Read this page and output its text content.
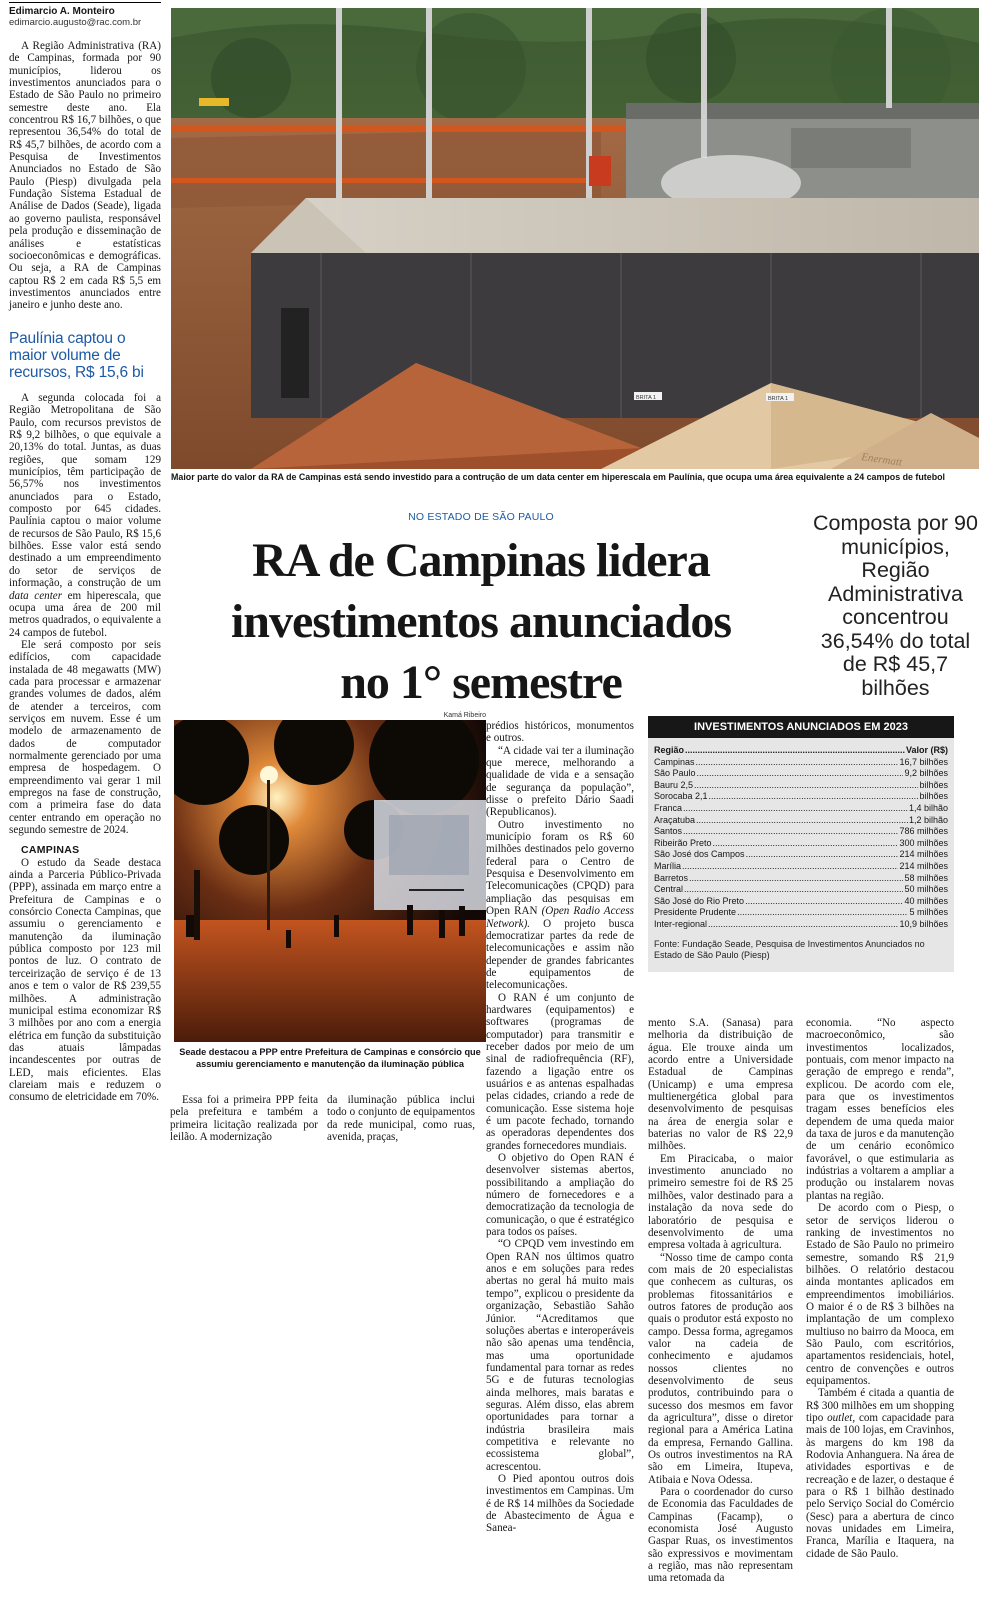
Edimarcio A. Monteiro
edimarcio.augusto@rac.com.br

A Região Administrativa (RA) de Campinas, formada por 90 municípios, liderou os investimentos anunciados para o Estado de São Paulo no primeiro semestre deste ano. Ela concentrou R$ 16,7 bilhões, o que representou 36,54% do total de R$ 45,7 bilhões, de acordo com a Pesquisa de Investimentos Anunciados no Estado de São Paulo (Piesp) divulgada pela Fundação Sistema Estadual de Análise de Dados (Seade), ligada ao governo paulista, responsável pela produção e disseminação de análises e estatísticas socioeconômicas e demográficas. Ou seja, a RA de Campinas captou R$ 2 em cada R$ 5,5 em investimentos anunciados entre janeiro e junho deste ano.

Paulínia captou o maior volume de recursos, R$ 15,6 bi

A segunda colocada foi a Região Metropolitana de São Paulo, com recursos previstos de R$ 9,2 bilhões, o que equivale a 20,13% do total. Juntas, as duas regiões, que somam 129 municípios, têm participação de 56,57% nos investimentos anunciados para o Estado, composto por 645 cidades. Paulínia captou o maior volume de recursos de São Paulo, R$ 15,6 bilhões. Esse valor está sendo destinado a um empreendimento do setor de serviços de informação, a construção de um data center em hiperescala, que ocupa uma área de 200 mil metros quadrados, o equivalente a 24 campos de futebol.

Ele será composto por seis edifícios, com capacidade instalada de 48 megawatts (MW) cada para processar e armazenar grandes volumes de dados, além de atender a terceiros, com serviços em nuvem. Esse é um modelo de armazenamento de dados de computador normalmente gerenciado por uma empresa de hospedagem. O empreendimento vai gerar 1 mil empregos na fase de construção, com a primeira fase do data center entrando em operação no segundo semestre de 2024.

CAMPINAS

O estudo da Seade destaca ainda a Parceria Público-Privada (PPP), assinada em março entre a Prefeitura de Campinas e o consórcio Conecta Campinas, que assumiu o gerenciamento e manutenção da iluminação pública composto por 123 mil pontos de luz. O contrato de terceirização de serviço é de 13 anos e tem o valor de R$ 239,55 milhões. A administração municipal estima economizar R$ 3 milhões por ano com a energia elétrica em função da substituição das atuais lâmpadas incandescentes por outras de LED, mais eficientes. Elas clareiam mais e reduzem o consumo de eletricidade em 70%.

BRITA 1	BRITA 1
Enermatt
Maior parte do valor da RA de Campinas está sendo investido para a contrução de um data center em hiperescala em Paulínia, que ocupa uma área equivalente a 24 campos de futebol
NO ESTADO DE SÃO PAULO
RA de Campinas lidera
investimentos anunciados
no 1° semestre
Composta por 90 municípios, Região Administrativa concentrou 36,54% do total de R$ 45,7 bilhões
Kamá Ribeiro
Seade destacou a PPP entre Prefeitura de Campinas e consórcio que assumiu gerenciamento e manutenção da iluminação pública

Essa foi a primeira PPP feita pela prefeitura e também a primeira licitação realizada por leilão. A modernização

da iluminação pública inclui todo o conjunto de equipamentos da rede municipal, como ruas, avenida, praças,

prédios históricos, monumentos e outros.

“A cidade vai ter a iluminação que merece, melhorando a qualidade de vida e a sensação de segurança da população”, disse o prefeito Dário Saadi (Republicanos).

Outro investimento no município foram os R$ 60 milhões destinados pelo governo federal para o Centro de Pesquisa e Desenvolvimento em Telecomunicações (CPQD) para ampliação das pesquisas em Open RAN (Open Radio Access Network). O projeto busca democratizar partes da rede de telecomunicações e assim não depender de grandes fabricantes de equipamentos de telecomunicações.

O RAN é um conjunto de hardwares (equipamentos) e softwares (programas de computador) para transmitir e receber dados por meio de um sinal de radiofrequência (RF), fazendo a ligação entre os usuários e as antenas espalhadas pelas cidades, criando a rede de comunicação. Esse sistema hoje é um pacote fechado, tornando as operadoras dependentes dos grandes fornecedores mundiais.

O objetivo do Open RAN é desenvolver sistemas abertos, possibilitando a ampliação do número de fornecedores e a democratização da tecnologia de comunicação, o que é estratégico para todos os países.

“O CPQD vem investindo em Open RAN nos últimos quatro anos e em soluções para redes abertas no geral há muito mais tempo”, explicou o presidente da organização, Sebastião Sahão Júnior. “Acreditamos que soluções abertas e interoperáveis não são apenas uma tendência, mas uma oportunidade fundamental para tornar as redes 5G e de futuras tecnologias ainda melhores, mais baratas e seguras. Além disso, elas abrem oportunidades para tornar a indústria brasileira mais competitiva e relevante no ecossistema global”, acrescentou.

O Pied apontou outros dois investimentos em Campinas. Um é de R$ 14 milhões da Sociedade de Abastecimento de Água e Sanea-

INVESTIMENTOS ANUNCIADOS EM 2023
Região .....	Valor (R$)
Campinas .....	16,7 bilhões
São Paulo .....	9,2 bilhões
Bauru 2,5 .....	bilhões
Sorocaba 2,1 .....	bilhões
Franca .....	1,4 bilhão
Araçatuba .....	1,2 bilhão
Santos .....	786 milhões
Ribeirão Preto .....	300 milhões
São José dos Campos .....	214 milhões
Marília .....	214 milhões
Barretos .....	58 milhões
Central .....	50 milhões
São José do Rio Preto .....	40 milhões
Presidente Prudente .....	5 milhões
Inter-regional .....	10,9 bilhões
Fonte: Fundação Seade, Pesquisa de Investimentos Anunciados no Estado de São Paulo (Piesp)

mento S.A. (Sanasa) para melhoria da distribuição de água. Ele trouxe ainda um acordo entre a Universidade Estadual de Campinas (Unicamp) e uma empresa multienergética global para desenvolvimento de pesquisas na área de energia solar e baterias no valor de R$ 22,9 milhões.

Em Piracicaba, o maior investimento anunciado no primeiro semestre foi de R$ 25 milhões, valor destinado para a instalação da nova sede do laboratório de pesquisa e desenvolvimento de uma empresa voltada à agricultura.

“Nosso time de campo conta com mais de 20 especialistas que conhecem as culturas, os problemas fitossanitários e outros fatores de produção aos quais o produtor está exposto no campo. Dessa forma, agregamos valor na cadeia de conhecimento e ajudamos nossos clientes no desenvolvimento de seus produtos, contribuindo para o sucesso dos mesmos em favor da agricultura”, disse o diretor regional para a América Latina da empresa, Fernando Gallina. Os outros investimentos na RA são em Limeira, Itupeva, Atibaia e Nova Odessa.

Para o coordenador do curso de Economia das Faculdades de Campinas (Facamp), o economista José Augusto Gaspar Ruas, os investimentos são expressivos e movimentam a região, mas não representam uma retomada da

economia. “No aspecto macroeconômico, são investimentos localizados, pontuais, com menor impacto na geração de emprego e renda”, explicou. De acordo com ele, para que os investimentos tragam esses benefícios eles dependem de uma queda maior da taxa de juros e da manutenção de um cenário econômico favorável, o que estimularia as indústrias a voltarem a ampliar a produção ou instalarem novas plantas na região.

De acordo com o Piesp, o setor de serviços liderou o ranking de investimentos no Estado de São Paulo no primeiro semestre, somando R$ 21,9 bilhões. O relatório destacou ainda montantes aplicados em empreendimentos imobiliários. O maior é o de R$ 3 bilhões na implantação de um complexo multiuso no bairro da Mooca, em São Paulo, com escritórios, apartamentos residenciais, hotel, centro de convenções e outros equipamentos.

Também é citada a quantia de R$ 300 milhões em um shopping tipo outlet, com capacidade para mais de 100 lojas, em Cravinhos, às margens do km 198 da Rodovia Anhanguera. Na área de atividades esportivas e de recreação e de lazer, o destaque é para o R$ 1 bilhão destinado pelo Serviço Social do Comércio (Sesc) para a abertura de cinco novas unidades em Limeira, Franca, Marília e Itaquera, na cidade de São Paulo.
